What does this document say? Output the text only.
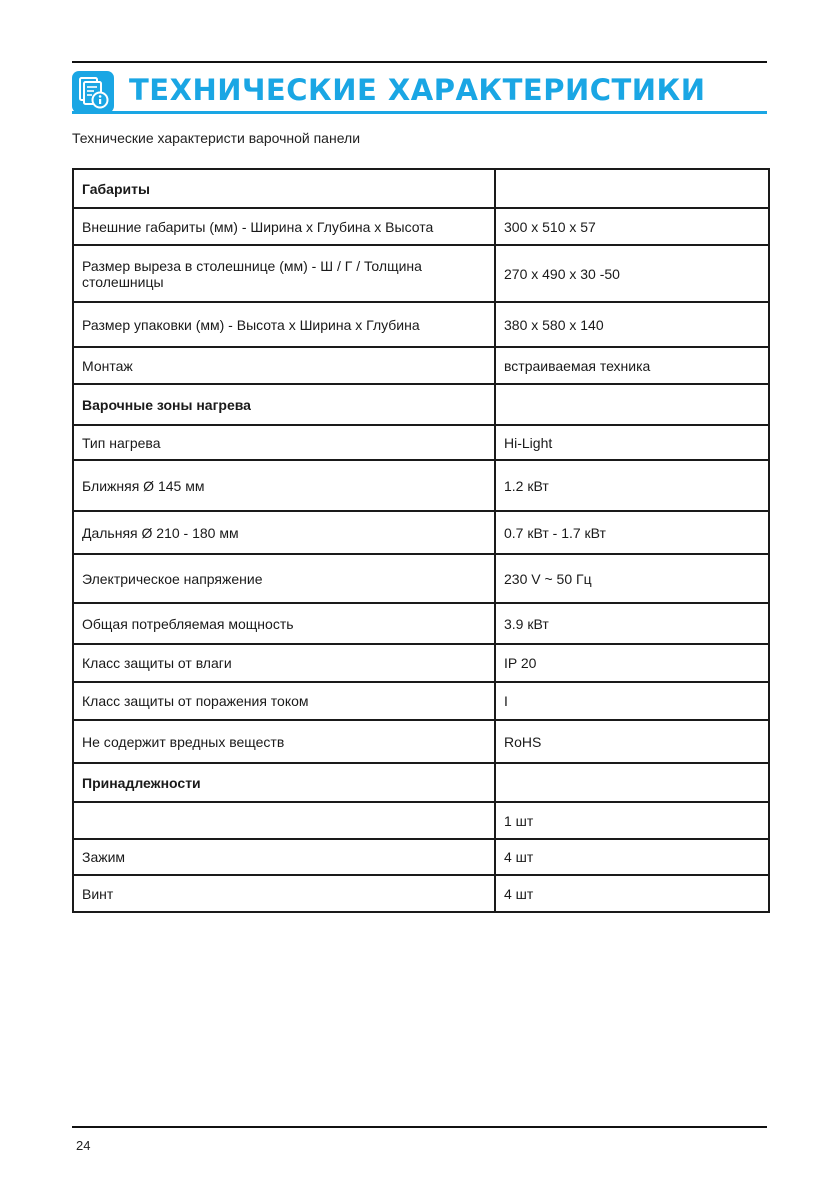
ТЕХНИЧЕСКИЕ ХАРАКТЕРИСТИКИ
Технические характеристи варочной панели
Габариты	
Внешние габариты (мм) - Ширина х Глубина х Высота	300 х 510 х 57
Размер выреза в столешнице (мм) - Ш / Г / Толщина столешницы	270 х 490 х 30 -50
Размер упаковки (мм) - Высота х Ширина х Глубина	380 х 580 х 140
Монтаж	встраиваемая техника
Варочные зоны нагрева	
Тип нагрева	Hi-Light
Ближняя Ø 145 мм	1.2 кВт
Дальняя Ø 210 - 180 мм	0.7 кВт - 1.7 кВт
Электрическое напряжение	230 V ~ 50 Гц
Общая потребляемая мощность	3.9 кВт
Класс защиты от влаги	IP 20
Класс защиты от поражения током	I
Не содержит вредных веществ	RoHS
Принадлежности	
	1 шт
Зажим	4 шт
Винт	4 шт
24
